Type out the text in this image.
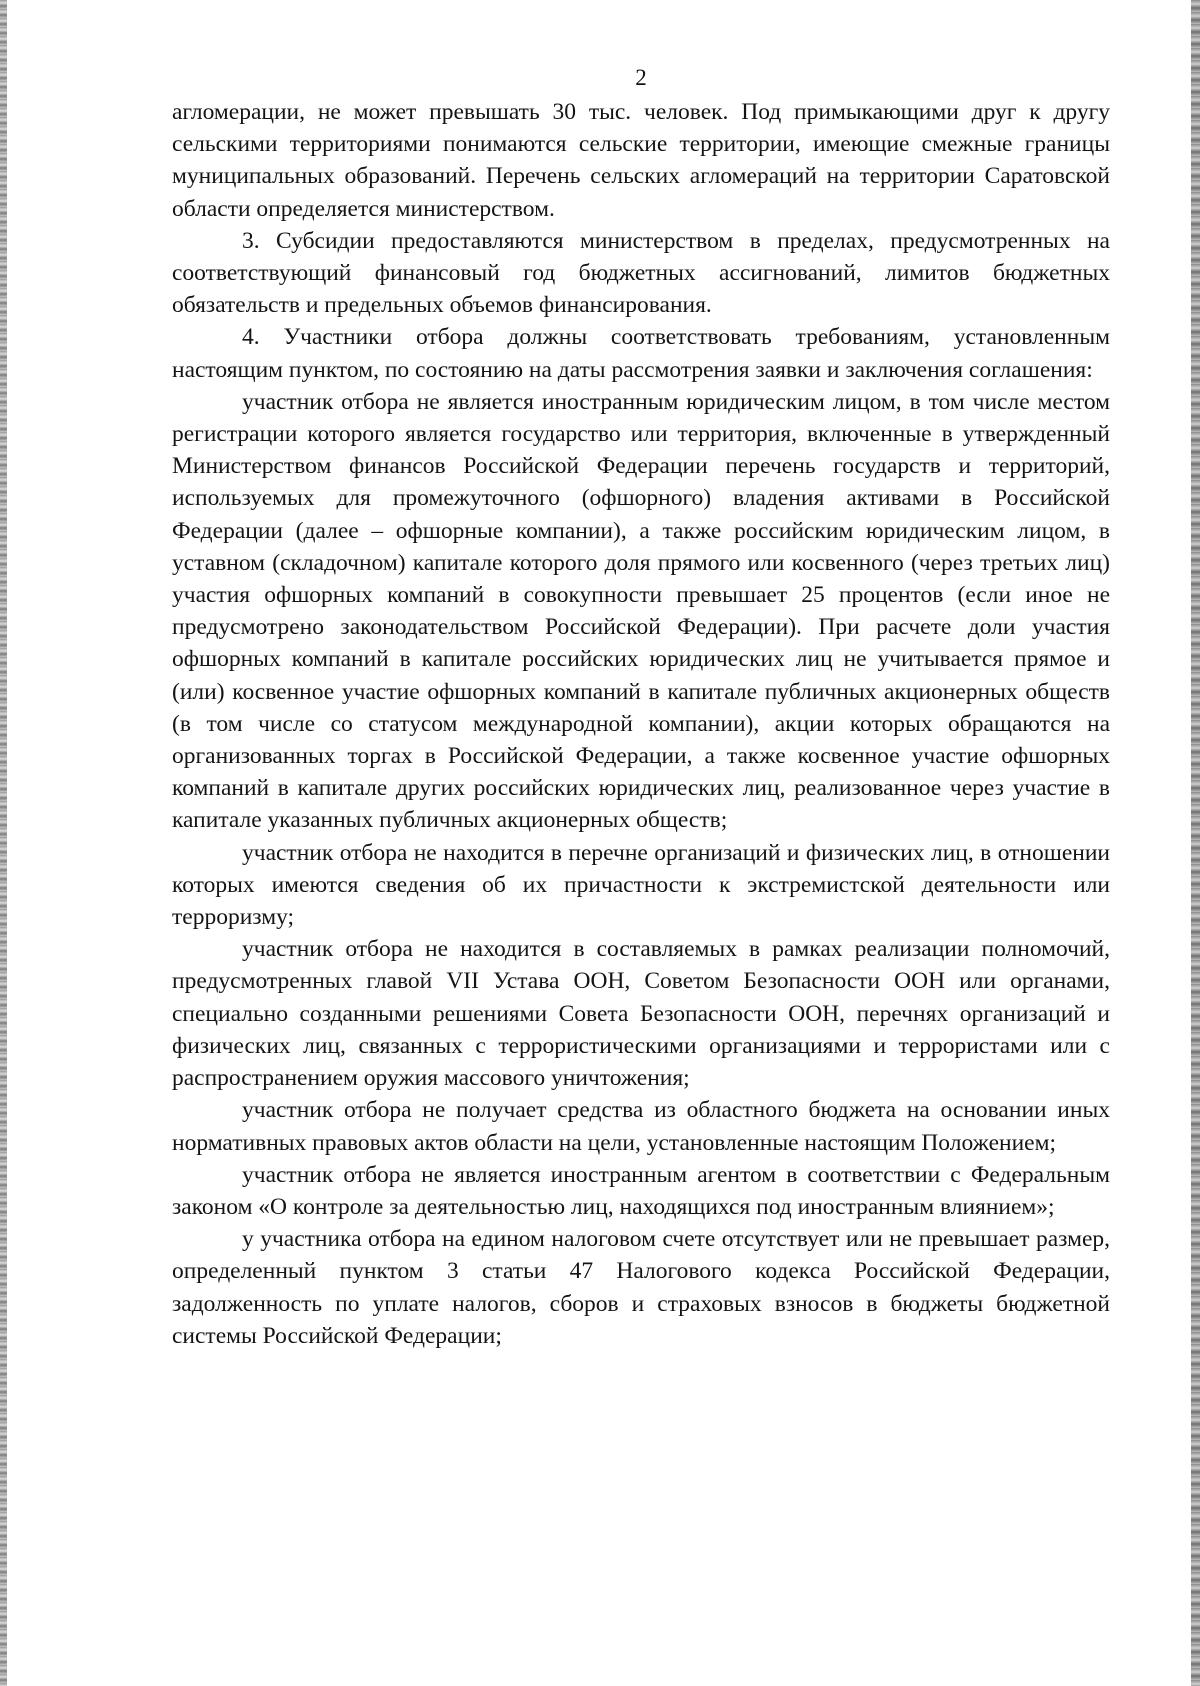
2

агломерации, не может превышать 30 тыс. человек. Под примыкающими друг к другу сельскими территориями понимаются сельские территории, имеющие смежные границы муниципальных образований. Перечень сельских агломераций на территории Саратовской области определяется министерством.

3. Субсидии предоставляются министерством в пределах, предусмотренных на соответствующий финансовый год бюджетных ассигнований, лимитов бюджетных обязательств и предельных объемов финансирования.

4. Участники отбора должны соответствовать требованиям, установленным настоящим пунктом, по состоянию на даты рассмотрения заявки и заключения соглашения:

участник отбора не является иностранным юридическим лицом, в том числе местом регистрации которого является государство или территория, включенные в утвержденный Министерством финансов Российской Федерации перечень государств и территорий, используемых для промежуточного (офшорного) владения активами в Российской Федерации (далее – офшорные компании), а также российским юридическим лицом, в уставном (складочном) капитале которого доля прямого или косвенного (через третьих лиц) участия офшорных компаний в совокупности превышает 25 процентов (если иное не предусмотрено законодательством Российской Федерации). При расчете доли участия офшорных компаний в капитале российских юридических лиц не учитывается прямое и (или) косвенное участие офшорных компаний в капитале публичных акционерных обществ (в том числе со статусом международной компании), акции которых обращаются на организованных торгах в Российской Федерации, а также косвенное участие офшорных компаний в капитале других российских юридических лиц, реализованное через участие в капитале указанных публичных акционерных обществ;

участник отбора не находится в перечне организаций и физических лиц, в отношении которых имеются сведения об их причастности к экстремистской деятельности или терроризму;

участник отбора не находится в составляемых в рамках реализации полномочий, предусмотренных главой VII Устава ООН, Советом Безопасности ООН или органами, специально созданными решениями Совета Безопасности ООН, перечнях организаций и физических лиц, связанных с террористическими организациями и террористами или с распространением оружия массового уничтожения;

участник отбора не получает средства из областного бюджета на основании иных нормативных правовых актов области на цели, установленные настоящим Положением;

участник отбора не является иностранным агентом в соответствии с Федеральным законом «О контроле за деятельностью лиц, находящихся под иностранным влиянием»;

у участника отбора на едином налоговом счете отсутствует или не превышает размер, определенный пунктом 3 статьи 47 Налогового кодекса Российской Федерации, задолженность по уплате налогов, сборов и страховых взносов в бюджеты бюджетной системы Российской Федерации;
